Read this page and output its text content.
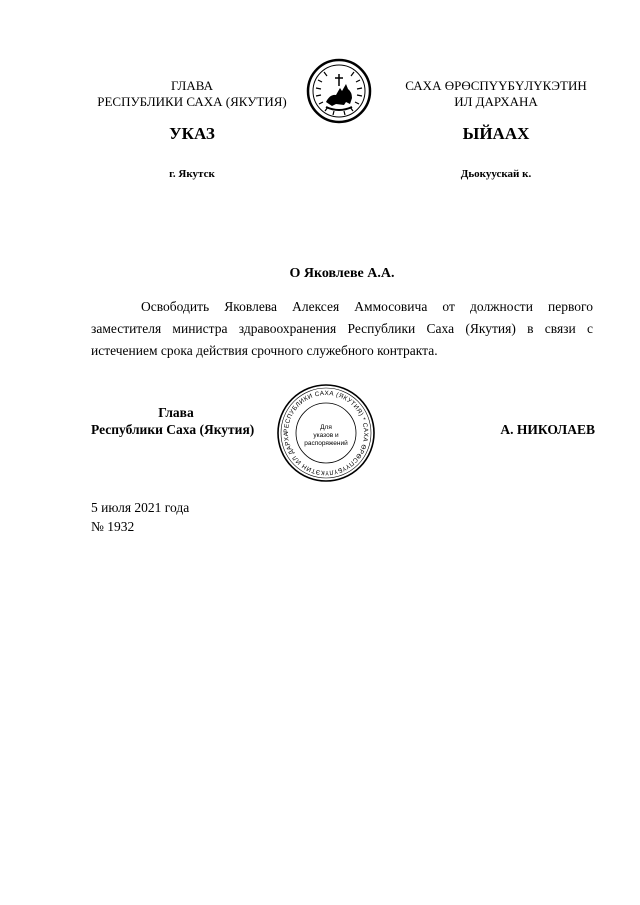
ГЛАВА
РЕСПУБЛИКИ САХА (ЯКУТИЯ)
САХА ӨРӨСПҮҮБҮЛҮКЭТИН
ИЛ ДАРХАНА
УКАЗ	ЫЙААХ
г. Якутск	Дьокуускай к.
О Яковлеве А.А.
Освободить Яковлева Алексея Аммосовича от должности первого заместителя министра здравоохранения Республики Саха (Якутия) в связи с истечением срока действия срочного служебного контракта.
Глава
Республики Саха (Якутия)	РЕСПУБЛИКИ САХА (ЯКУТИЯ) * САХА ӨРӨСПҮҮБҮЛҮКЭТИН ИЛ ДАРХА
Для
указов и
распоряжений
А. НИКОЛАЕВ
5 июля 2021 года
№ 1932
